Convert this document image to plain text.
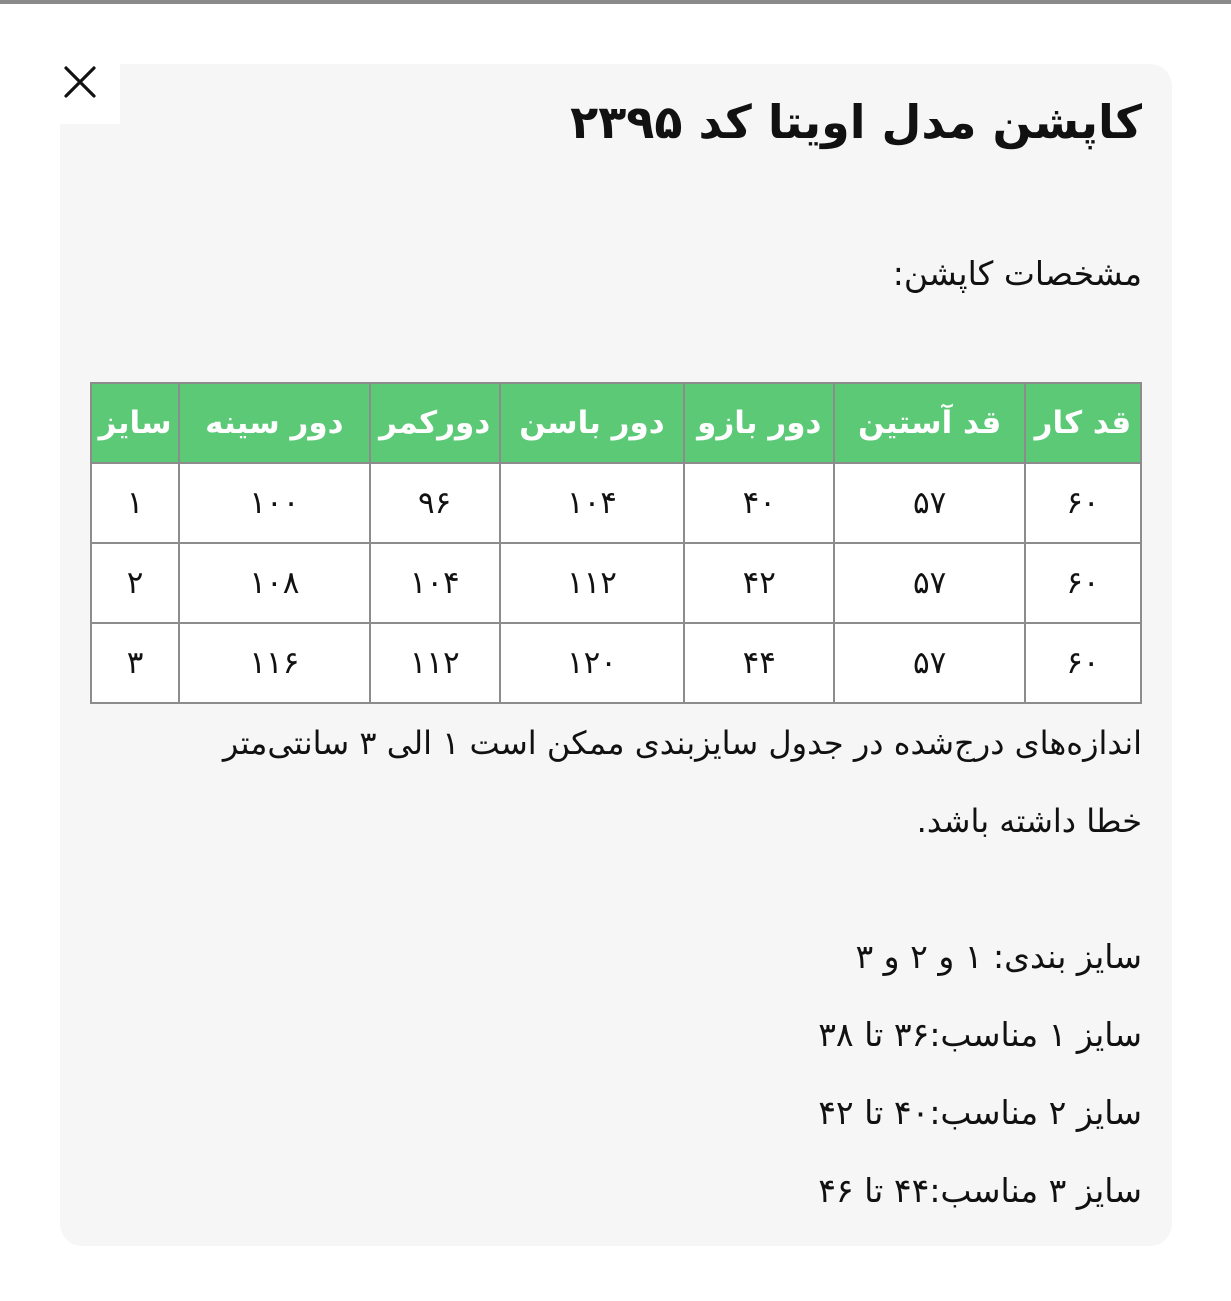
کاپشن مدل اویتا کد ۲۳۹۵
مشخصات کاپشن:
قد کار	قد آستین	دور بازو	دور باسن	دورکمر	دور سینه	سایز
۶۰	۵۷	۴۰	۱۰۴	۹۶	۱۰۰	۱
۶۰	۵۷	۴۲	۱۱۲	۱۰۴	۱۰۸	۲
۶۰	۵۷	۴۴	۱۲۰	۱۱۲	۱۱۶	۳
اندازه‌های درج‌شده در جدول سایزبندی ممکن است ۱ الی ۳ سانتی‌متر
خطا داشته باشد.
سایز بندی: ۱ و ۲ و ۳
سایز ۱ مناسب:۳۶ تا ۳۸
سایز ۲ مناسب:۴۰ تا ۴۲
سایز ۳ مناسب:۴۴ تا ۴۶
